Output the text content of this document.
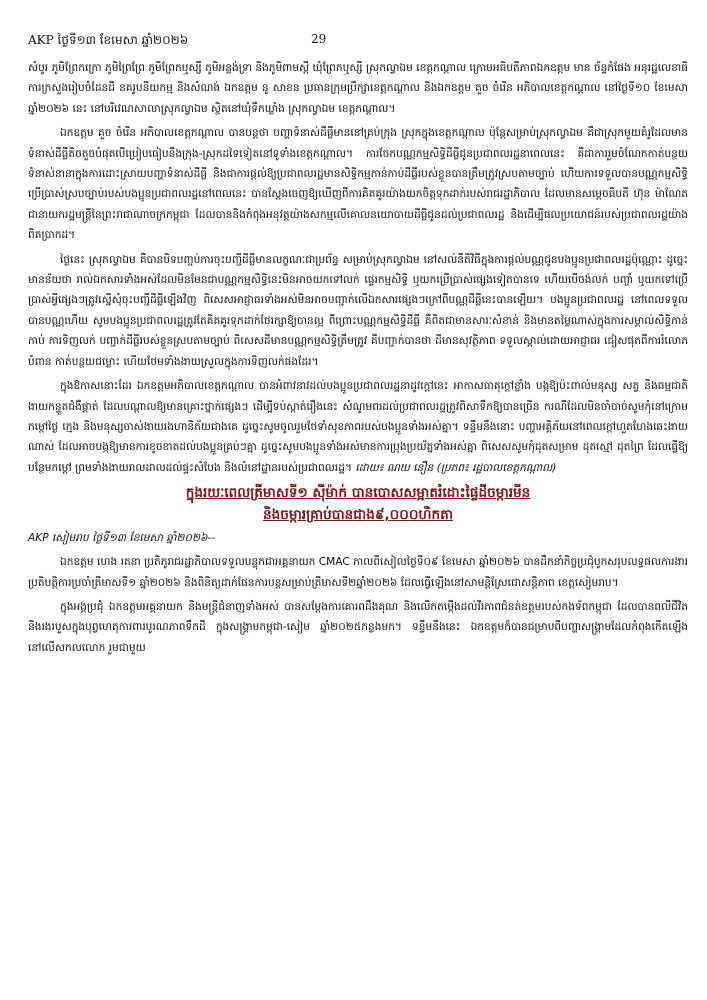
AKP ថ្ងៃទី១៣ ខែមេសា ឆ្នាំ២០២៦	29

សំបូរ ភូមិព្រែកក្រោ ភូមិព្រៃព្រែ ភូមិព្រែកឬស្សី ភូមិអន្លង់ទ្រា និងភូមិពាមស្តី ឃុំព្រែកឬស្សី ស្រុកល្វាឯម ខេត្តកណ្ដាល ក្រោមអធិបតីភាពឯកឧត្តម មាន ច័ន្ទកំផែង អនុរដ្ឋលេខាធិការក្រសួងរៀបចំដែនដី នគរូបនីយកម្ម និងសំណង់ ឯកឧត្តម នូ សាខន ប្រធានក្រុមប្រឹក្សាខេត្តកណ្ដាល និងឯកឧត្តម គួច ចំរើន អភិបាលខេត្តកណ្ដាល នៅថ្ងៃទី១០ ខែមេសា ឆ្នាំ២០២៦ នេះ នៅបរិវេណសាលាស្រុកល្វាឯម ស្ថិតនៅឃុំទឹកឃ្លាំង ស្រុកល្វាឯម ខេត្តកណ្ដាល។

ឯកឧត្តម គួច ចំរើន អភិបាលខេត្តកណ្ដាល បានបន្តថា បញ្ហាទំនាស់ដីធ្លីមាននៅគ្រប់ក្រុង ស្រុកក្នុងខេត្តកណ្ដាល ប៉ុន្តែសម្រាប់ស្រុកល្វាឯម គឺជាស្រុកមួយគំរូដែលមានទំនាស់ដីធ្លីតិចតួចបំផុតបើប្រៀបធៀបនឹងក្រុង-ស្រុកដទៃទៀតនៅទូទាំងខេត្តកណ្ដាល។ ការចែកបណ្ណកម្មសិទ្ធិដីធ្លីជូនប្រជាពលរដ្ឋនាពេលនេះ គឺជាការរួមចំណែកកាត់បន្ថយទំនាស់នានាក្នុងការដោះស្រាយបញ្ហាទំនាស់ដីធ្លី និងជាការផ្តល់ឱ្យប្រជាពលរដ្ឋមានសិទ្ធិកម្មកាន់កាប់ដីធ្លីរបស់ខ្លួនបានត្រឹមត្រូវស្របតាមច្បាប់ ហើយការទទួលបានបណ្ណកម្មសិទ្ធិប្រើប្រាស់ស្របច្បាប់របស់បងប្អូនប្រជាពលរដ្ឋនៅពេលនេះ បានស្ដែងចេញឱ្យឃើញពីការគិតគូរយ៉ាងយកចិត្តទុកដាក់របស់រាជរដ្ឋាភិបាល ដែលមានសម្ដេចធិបតី ហ៊ុន ម៉ាណែត ជានាយករដ្ឋមន្ត្រីនៃព្រះរាជាណាចក្រកម្ពុជា ដែលបាននិងកំពុងអនុវត្តយ៉ាងសកម្មលើគោលនយោបាយដីធ្លីជូនដល់ប្រជាពលរដ្ឋ និងដើម្បីផលប្រយោជន៍របស់ប្រជាពលរដ្ឋយ៉ាងពិតប្រាកដ។

ថ្ងៃនេះ ស្រុកល្វាឯម គឺបានបិទបញ្ចប់ការចុះបញ្ជីដីធ្លីមានលក្ខណៈជាប្រព័ន្ធ សម្រាប់ស្រុកល្វាឯម នៅសល់នីតិវិធីក្នុងការផ្តល់បណ្ណជូនបងប្អូនប្រជាពលរដ្ឋប៉ុណ្ណោះ ដូច្នេះមានន័យថា រាល់ឯកសារទាំងអស់ដែលមិនមែនជាបណ្ណកម្មសិទ្ធិនេះមិនអាចយកទៅលក់ ផ្ទេរកម្មសិទ្ធិ ឬយកប្រើប្រាស់ផ្សេងទៀតបានទេ ហើយបើចង់លក់ បញ្ចាំ ឬយកទៅប្រើប្រាស់អ្វីផ្សេងៗត្រូវស្នើសុំចុះបញ្ជីដីធ្លីឡើងវិញ ពិសេសអាជ្ញាធរទាំងអស់មិនអាចបញ្ជាក់លើឯកសារផ្សេងៗក្រៅពីបណ្ណដីធ្លីនេះបានឡើយ។ បងប្អូនប្រជាពលរដ្ឋ នៅពេលទទួលបានបណ្ណហើយ សូមបងប្អូនប្រជាពលរដ្ឋត្រូវតែគិតគូរទុកដាក់ថែរក្សាឱ្យបានល្អ ពីព្រោះបណ្ណកម្មសិទ្ធិដីធ្លី គឺពិតជាមានសារៈសំខាន់ និងមានតម្លៃណាស់ក្នុងការសម្គាល់សិទ្ធិកាន់កាប់ ការទិញលក់ បញ្ជាក់ដីធ្លីរបស់ខ្លួនស្របតាមច្បាប់ ពិសេសដីមានបណ្ណកម្មសិទ្ធិត្រឹមត្រូវ គឺបញ្ជាក់បានថា ដីមានសុវត្ថិភាព ទទួលស្គាល់ដោយអាជ្ញាធរ ជៀសផុតពីការរំលោភបំពាន កាត់បន្ថយជម្លោះ ហើយថែមទាំងងាយស្រួលក្នុងការទិញលក់ផងដែរ។

ក្នុងឱកាសនោះដែរ ឯកឧត្តមអភិបាលខេត្តកណ្ដាល បានអំពាវនាវដល់បងប្អូនប្រជាពលរដ្ឋនាដូវក្ដៅនេះ អាកាសធាតុក្ដៅខ្លាំង បង្កឱ្យប៉ះពាល់មនុស្ស សត្វ និងធម្មជាតិងាយកន្ទួតជំងឺផ្ដាត់ ដែលបណ្ដាលឱ្យមានគ្រោះថ្នាក់ផ្សេងៗ ដើម្បីទប់ស្កាត់រឿងនេះ សំណូមពរដល់ប្រជាពលរដ្ឋត្រូវពិសាទឹកឱ្យបានច្រើន ករណីដែលមិនចាំបាច់សូមកុំនៅក្រោមកម្ដៅថ្ងៃ ក្មេង និងមនុស្សចាស់ងាយរងហានិភ័យជាងគេ ដូច្នេះសូមចូលរួមថែទាំសុខភាពរបស់បងប្អូនទាំងអស់គ្នា។ ទន្ទឹមនឹងនោះ បញ្ហាអគ្គិភ័យនៅពេលក្ដៅហួតហែងឆេះងាយណាស់ ដែលអាចបង្កឱ្យមានការខូចខាតដល់បងប្អូនគ្រប់ៗគ្នា ដូច្នេះសូមបងប្អូនទាំងអស់មានការប្រុងប្រយ័ត្នទាំងអស់គ្នា ពិសេសសូមកុំដុតសម្រាម ដុតស្មៅ ដុតព្រៃ ដែលធ្វើឱ្យបន្ថែមកម្ដៅ ព្រមទាំងងាយរាលដាលដល់ផ្ទះសំបែង និងលំនៅដ្ឋានរបស់ប្រជាពលរដ្ឋ។ ដោយ៖ ណយ នឿន (ប្រភព៖ រដ្ឋបាលខេត្តកណ្ដាល)

ក្នុងរយៈពេលត្រីមាសទី១ ស៊ីម៉ាក់ បានបោសសម្អាតរំដោះផ្ទៃដីចម្ការមីន
និងចម្ការគ្រាប់បានជាង៩,០០០ហិកតា
AKP សៀមរាប ថ្ងៃទី១៣ ខែមេសា ឆ្នាំ២០២៦--

ឯកឧត្តម ហេង រតនា ប្រតិភូរាជរដ្ឋាភិបាលទទួលបន្ទុកជាអគ្គនាយក CMAC កាលពីសៀលថ្ងៃទី០៩ ខែមេសា ឆ្នាំ២០២៦ បានដឹកនាំកិច្ចប្រជុំបូកសរុបលទ្ធផលការងារប្រតិបត្តិការប្រចាំត្រីមាសទី១ ឆ្នាំ២០២៦ និងពិនិត្យដាក់ផែនការបន្តសម្រាប់ត្រីមាសទី២ឆ្នាំ២០២៦ ដែលធ្វើឡើងនៅសាមន្តិស្រែជោសន្តិភាព ខេត្តសៀមរាប។

ក្នុងអង្គប្រជុំ ឯកឧត្តមអគ្គនាយក និងមន្ត្រីជំនាញទាំងអស់ បានសម្ដែងការគោរពដឹងគុណ និងលើកតម្កើងដល់វីរភាពជំនត់ឧត្តមរបស់កងទ័ពកម្ពុជា ដែលបានពលីជីវិត និងរងរបួសក្នុងបុព្វហេតុការពារបូរណភាពទឹកដី ក្នុងសង្គ្រាមកម្ពុជា-សៀម ឆ្នាំ២០២៥កន្លងមក។ ទន្ទឹមនឹងនេះ ឯកឧត្តមក៏បានជម្រាបពីបញ្ហាសង្គ្រាមដែលកំពុងកើតឡើងនៅលើសកលលោក រួមជាមួយ
